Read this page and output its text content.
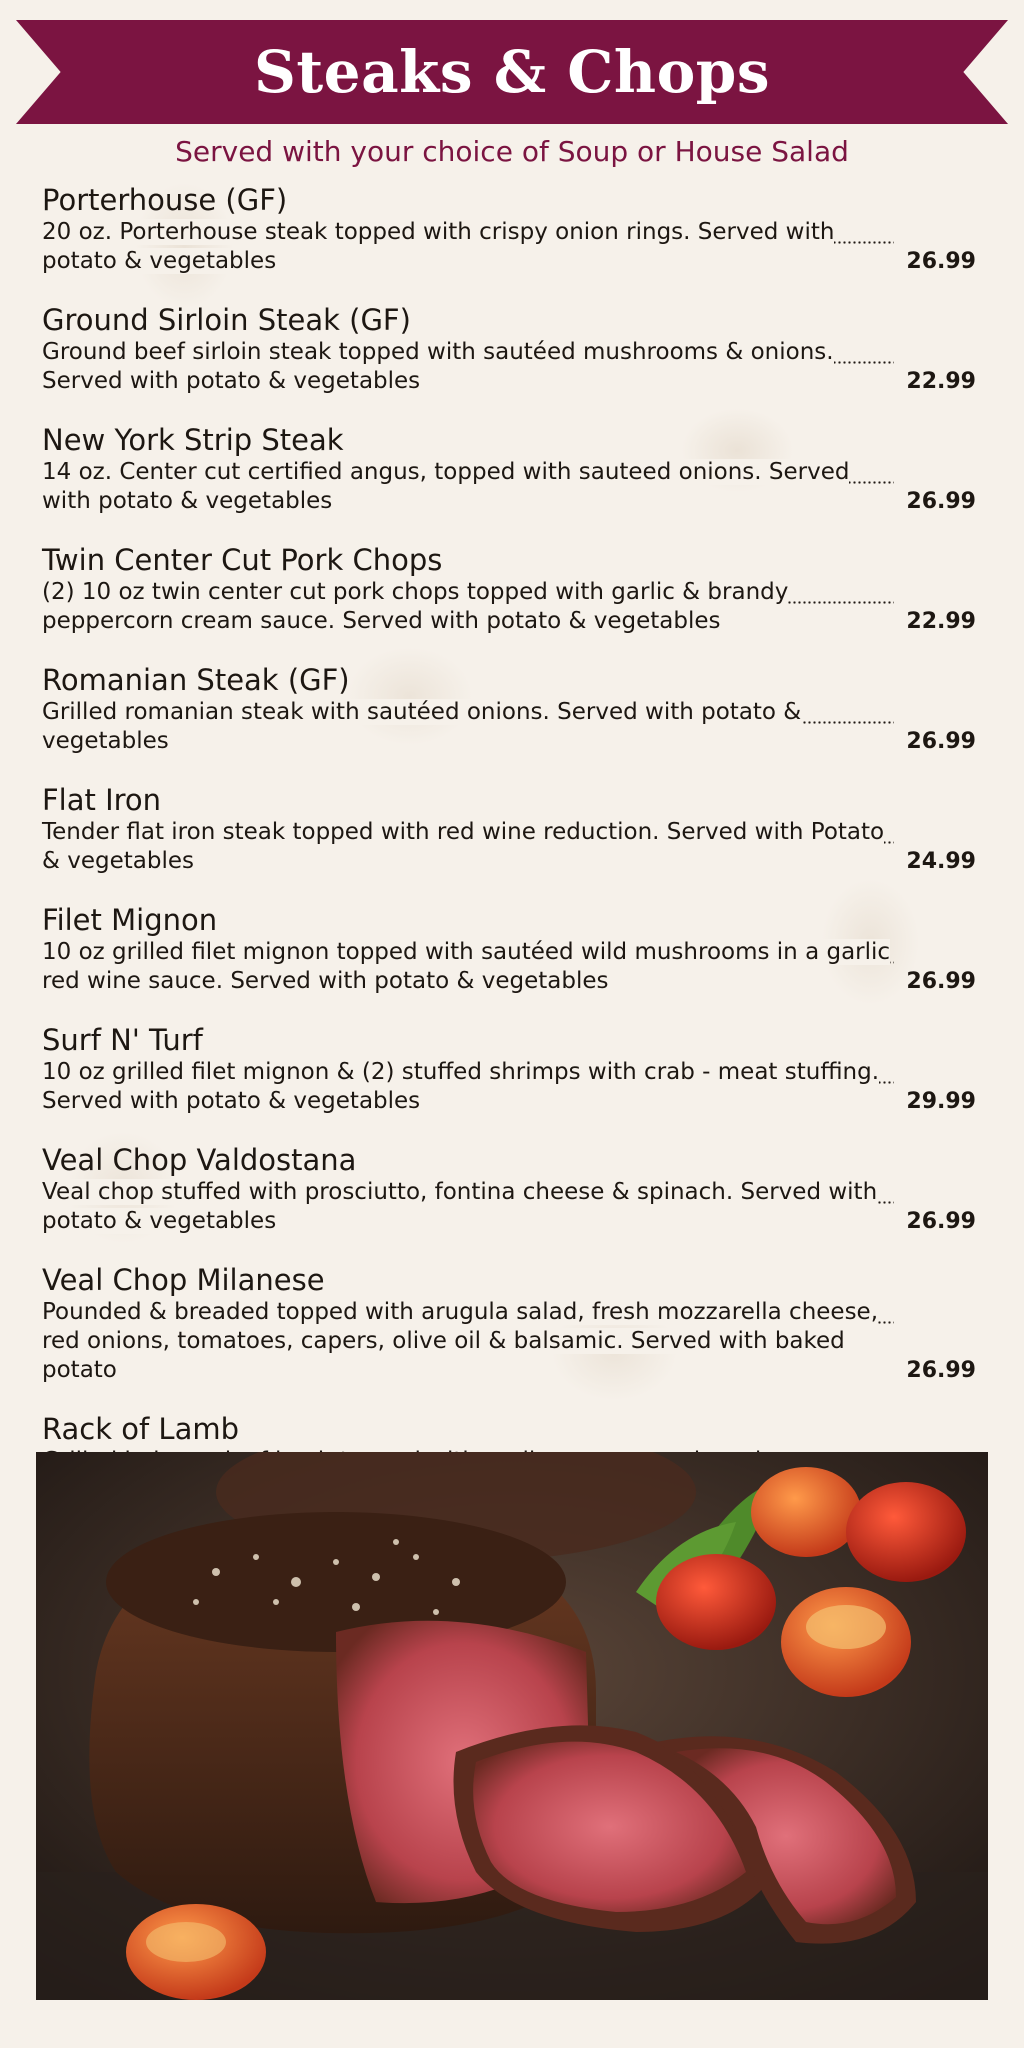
Steaks & Chops

Served with your choice of Soup or House Salad

Porterhouse (GF)
20 oz. Porterhouse steak topped with crispy onion rings. Served with potato & vegetables	26.99
Ground Sirloin Steak (GF)
Ground beef sirloin steak topped with sautéed mushrooms & onions. Served with potato & vegetables	22.99
New York Strip Steak
14 oz. Center cut certified angus, topped with sauteed onions. Served with potato & vegetables	26.99
Twin Center Cut Pork Chops
(2) 10 oz twin center cut pork chops topped with garlic & brandy peppercorn cream sauce. Served with potato & vegetables	22.99
Romanian Steak (GF)
Grilled romanian steak with sautéed onions. Served with potato & vegetables	26.99
Flat Iron
Tender flat iron steak topped with red wine reduction. Served with Potato & vegetables	24.99
Filet Mignon
10 oz grilled filet mignon topped with sautéed wild mushrooms in a garlic red wine sauce. Served with potato & vegetables	26.99
Surf N' Turf
10 oz grilled filet mignon & (2) stuffed shrimps with crab - meat stuffing. Served with potato & vegetables	29.99
Veal Chop Valdostana
Veal chop stuffed with prosciutto, fontina cheese & spinach. Served with potato & vegetables	26.99
Veal Chop Milanese
Pounded & breaded topped with arugula salad, fresh mozzarella cheese, red onions, tomatoes, capers, olive oil & balsamic. Served with baked potato	26.99
Rack of Lamb
